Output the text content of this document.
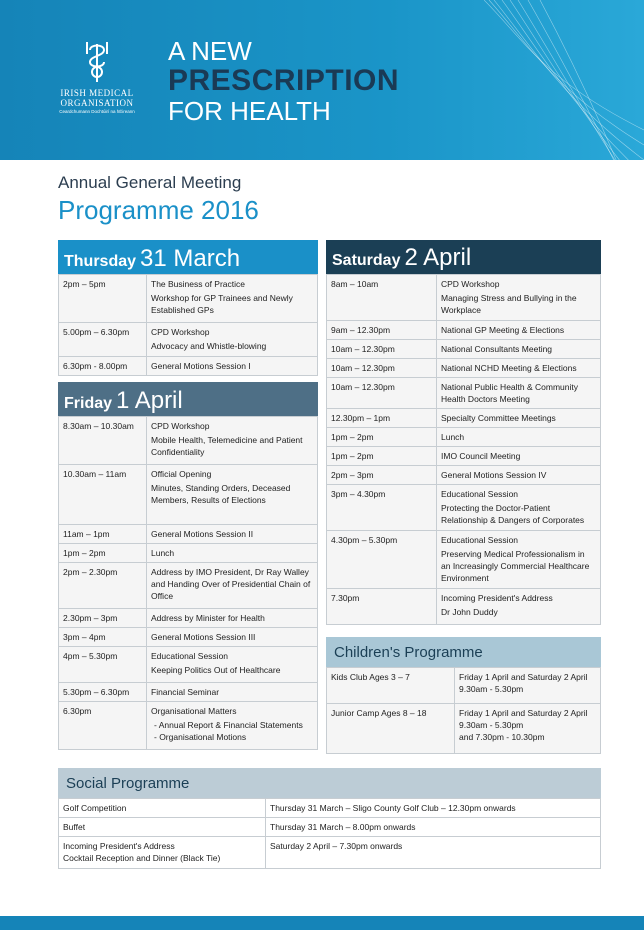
IRISH MEDICAL
ORGANISATION
Ceardchumann Dochtúirí na hÉireann
A NEW
PRESCRIPTION
FOR HEALTH
Annual General Meeting
Programme 2016
Thursday 31 March
2pm – 5pm	The Business of Practice
Workshop for GP Trainees and Newly Established GPs

5.00pm – 6.30pm	CPD Workshop
Advocacy and Whistle-blowing

6.30pm - 8.00pm	General Motions Session I
Friday 1 April
8.30am – 10.30am	CPD Workshop
Mobile Health, Telemedicine and Patient Confidentiality

10.30am – 11am	Official Opening
Minutes, Standing Orders, Deceased Members, Results of Elections

11am – 1pm	General Motions Session II
1pm – 2pm	Lunch
2pm – 2.30pm	Address by IMO President, Dr Ray Walley and Handing Over of Presidential Chain of Office
2.30pm – 3pm	Address by Minister for Health
3pm – 4pm	General Motions Session III
4pm – 5.30pm	Educational Session
Keeping Politics Out of Healthcare

5.30pm – 6.30pm	Financial Seminar
6.30pm	Organisational Matters
- Annual Report & Financial Statements
- Organisational Motions
Saturday 2 April
8am – 10am	CPD Workshop
Managing Stress and Bullying in the Workplace

9am – 12.30pm	National GP Meeting & Elections
10am – 12.30pm	National Consultants Meeting
10am – 12.30pm	National NCHD Meeting & Elections
10am – 12.30pm	National Public Health & Community Health Doctors Meeting
12.30pm – 1pm	Specialty Committee Meetings
1pm – 2pm	Lunch
1pm – 2pm	IMO Council Meeting
2pm – 3pm	General Motions Session IV
3pm – 4.30pm	Educational Session
Protecting the Doctor-Patient Relationship & Dangers of Corporates

4.30pm – 5.30pm	Educational Session
Preserving Medical Professionalism in an Increasingly Commercial Healthcare Environment

7.30pm	Incoming President's Address
Dr John Duddy
Children's Programme
Kids Club Ages 3 – 7	Friday 1 April and Saturday 2 April
9.30am - 5.30pm

Junior Camp Ages 8 – 18	Friday 1 April and Saturday 2 April
9.30am - 5.30pm
and 7.30pm - 10.30pm
Social Programme
Golf Competition	Thursday 31 March – Sligo County Golf Club – 12.30pm onwards
Buffet	Thursday 31 March – 8.00pm onwards

Incoming President's Address
Cocktail Reception and Dinner (Black Tie)	Saturday 2 April – 7.30pm onwards
